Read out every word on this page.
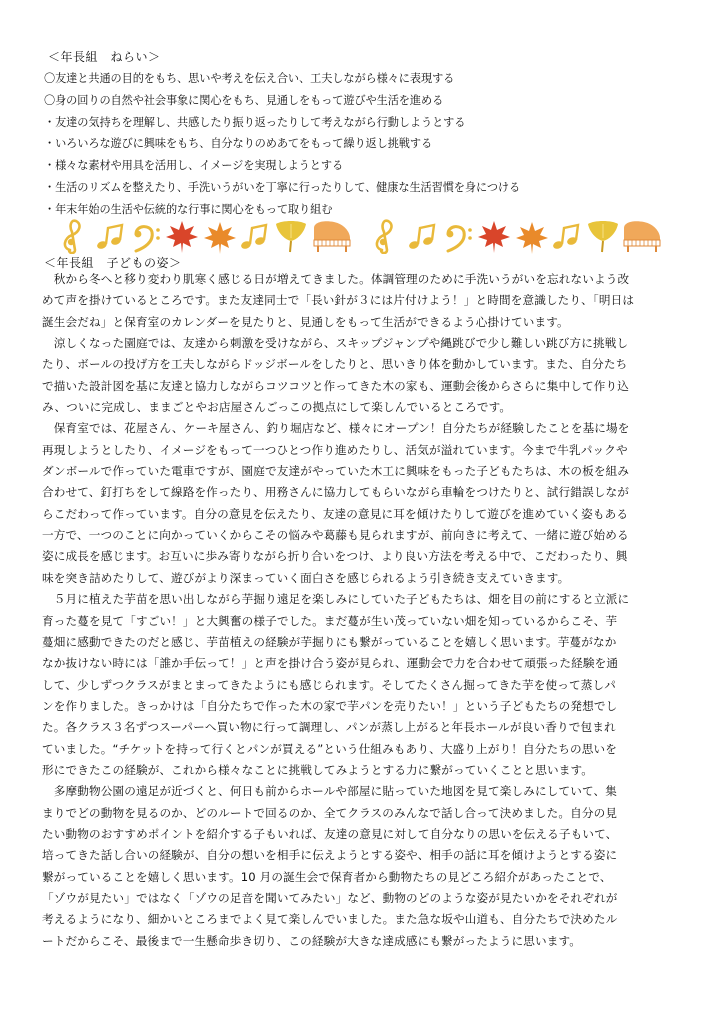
＜年長組　ねらい＞
〇友達と共通の目的をもち、思いや考えを伝え合い、工夫しながら様々に表現する
〇身の回りの自然や社会事象に関心をもち、見通しをもって遊びや生活を進める
・友達の気持ちを理解し、共感したり振り返ったりして考えながら行動しようとする
・いろいろな遊びに興味をもち、自分なりのめあてをもって繰り返し挑戦する
・様々な素材や用具を活用し、イメージを実現しようとする
・生活のリズムを整えたり、手洗いうがいを丁寧に行ったりして、健康な生活習慣を身につける
・年末年始の生活や伝統的な行事に関心をもって取り組む
＜年長組　子どもの姿＞
　秋から冬へと移り変わり肌寒く感じる日が増えてきました。体調管理のために手洗いうがいを忘れないよう改
めて声を掛けているところです。また友達同士で「長い針が３には片付けよう！」と時間を意識したり、「明日は
誕生会だね」と保育室のカレンダーを見たりと、見通しをもって生活ができるよう心掛けています。
　涼しくなった園庭では、友達から刺激を受けながら、スキップジャンプや縄跳びで少し難しい跳び方に挑戦し
たり、ボールの投げ方を工夫しながらドッジボールをしたりと、思いきり体を動かしています。また、自分たち
で描いた設計図を基に友達と協力しながらコツコツと作ってきた木の家も、運動会後からさらに集中して作り込
み、ついに完成し、ままごとやお店屋さんごっこの拠点にして楽しんでいるところです。
　保育室では、花屋さん、ケーキ屋さん、釣り堀店など、様々にオープン！自分たちが経験したことを基に場を
再現しようとしたり、イメージをもって一つひとつ作り進めたりし、活気が溢れています。今まで牛乳パックや
ダンボールで作っていた電車ですが、園庭で友達がやっていた木工に興味をもった子どもたちは、木の板を組み
合わせて、釘打ちをして線路を作ったり、用務さんに協力してもらいながら車輪をつけたりと、試行錯誤しなが
らこだわって作っています。自分の意見を伝えたり、友達の意見に耳を傾けたりして遊びを進めていく姿もある
一方で、一つのことに向かっていくからこその悩みや葛藤も見られますが、前向きに考えて、一緒に遊び始める
姿に成長を感じます。お互いに歩み寄りながら折り合いをつけ、より良い方法を考える中で、こだわったり、興
味を突き詰めたりして、遊びがより深まっていく面白さを感じられるよう引き続き支えていきます。
　５月に植えた芋苗を思い出しながら芋掘り遠足を楽しみにしていた子どもたちは、畑を目の前にすると立派に
育った蔓を見て「すごい！」と大興奮の様子でした。まだ蔓が生い茂っていない畑を知っているからこそ、芋
蔓畑に感動できたのだと感じ、芋苗植えの経験が芋掘りにも繋がっていることを嬉しく思います。芋蔓がなか
なか抜けない時には「誰か手伝って！」と声を掛け合う姿が見られ、運動会で力を合わせて頑張った経験を通
して、少しずつクラスがまとまってきたようにも感じられます。そしてたくさん掘ってきた芋を使って蒸しパ
ンを作りました。きっかけは「自分たちで作った木の家で芋パンを売りたい！」という子どもたちの発想でし
た。各クラス３名ずつスーパーへ買い物に行って調理し、パンが蒸し上がると年長ホールが良い香りで包まれ
ていました。“チケットを持って行くとパンが買える”という仕組みもあり、大盛り上がり！自分たちの思いを
形にできたこの経験が、これから様々なことに挑戦してみようとする力に繋がっていくことと思います。
　多摩動物公園の遠足が近づくと、何日も前からホールや部屋に貼っていた地図を見て楽しみにしていて、集
まりでどの動物を見るのか、どのルートで回るのか、全てクラスのみんなで話し合って決めました。自分の見
たい動物のおすすめポイントを紹介する子もいれば、友達の意見に対して自分なりの思いを伝える子もいて、
培ってきた話し合いの経験が、自分の想いを相手に伝えようとする姿や、相手の話に耳を傾けようとする姿に
繋がっていることを嬉しく思います。10 月の誕生会で保育者から動物たちの見どころ紹介があったことで、
「ゾウが見たい」ではなく「ゾウの足音を聞いてみたい」など、動物のどのような姿が見たいかをそれぞれが
考えるようになり、細かいところまでよく見て楽しんでいました。また急な坂や山道も、自分たちで決めたル
ートだからこそ、最後まで一生懸命歩き切り、この経験が大きな達成感にも繋がったように思います。
